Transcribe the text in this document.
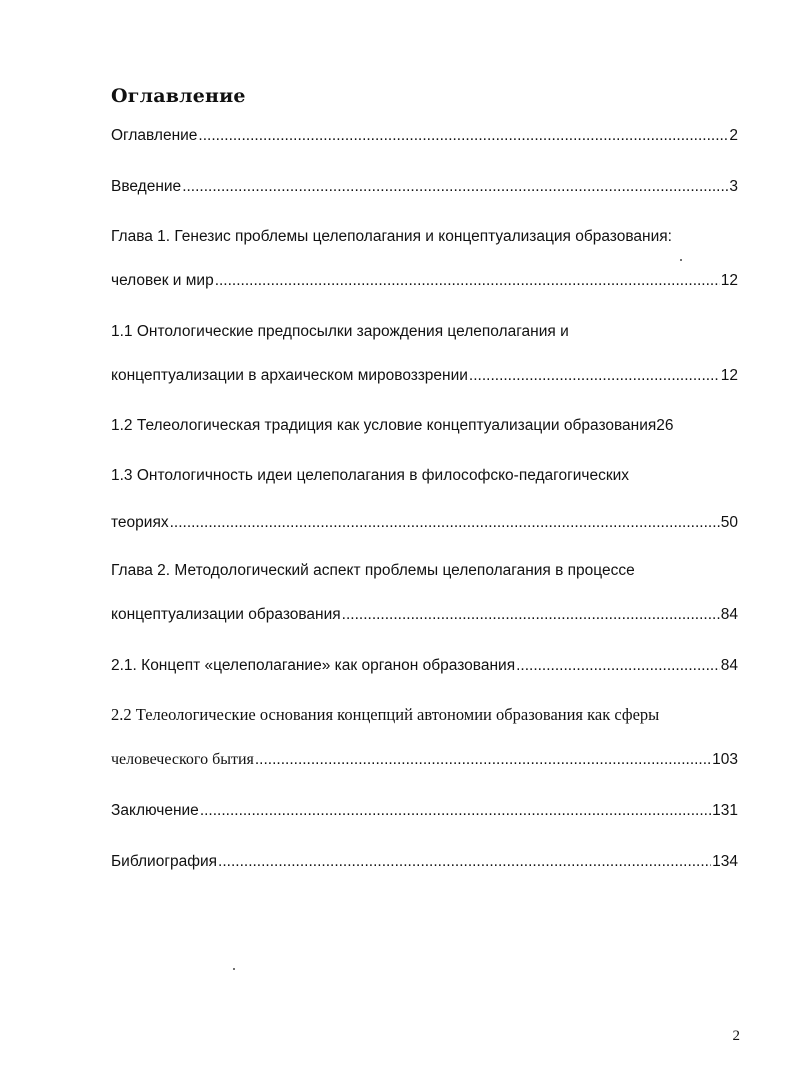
Оглавление
Оглавление .....	2
Введение .....	3
Глава 1. Генезис проблемы целеполагания и концептуализация образования:
человек и мир .....	12
1.1 Онтологические предпосылки зарождения целеполагания и
концептуализации в архаическом мировоззрении .....	12
1.2 Телеологическая традиция как условие концептуализации образования 26
1.3 Онтологичность идеи целеполагания в философско-педагогических
теориях .....	50
Глава 2. Методологический аспект проблемы целеполагания в процессе
концептуализации образования .....	84
2.1. Концепт «целеполагание» как органон образования .....	84
2.2 Телеологические основания концепций автономии образования как сферы
человеческого бытия .....	103
Заключение .....	131
Библиография .....	134
2
